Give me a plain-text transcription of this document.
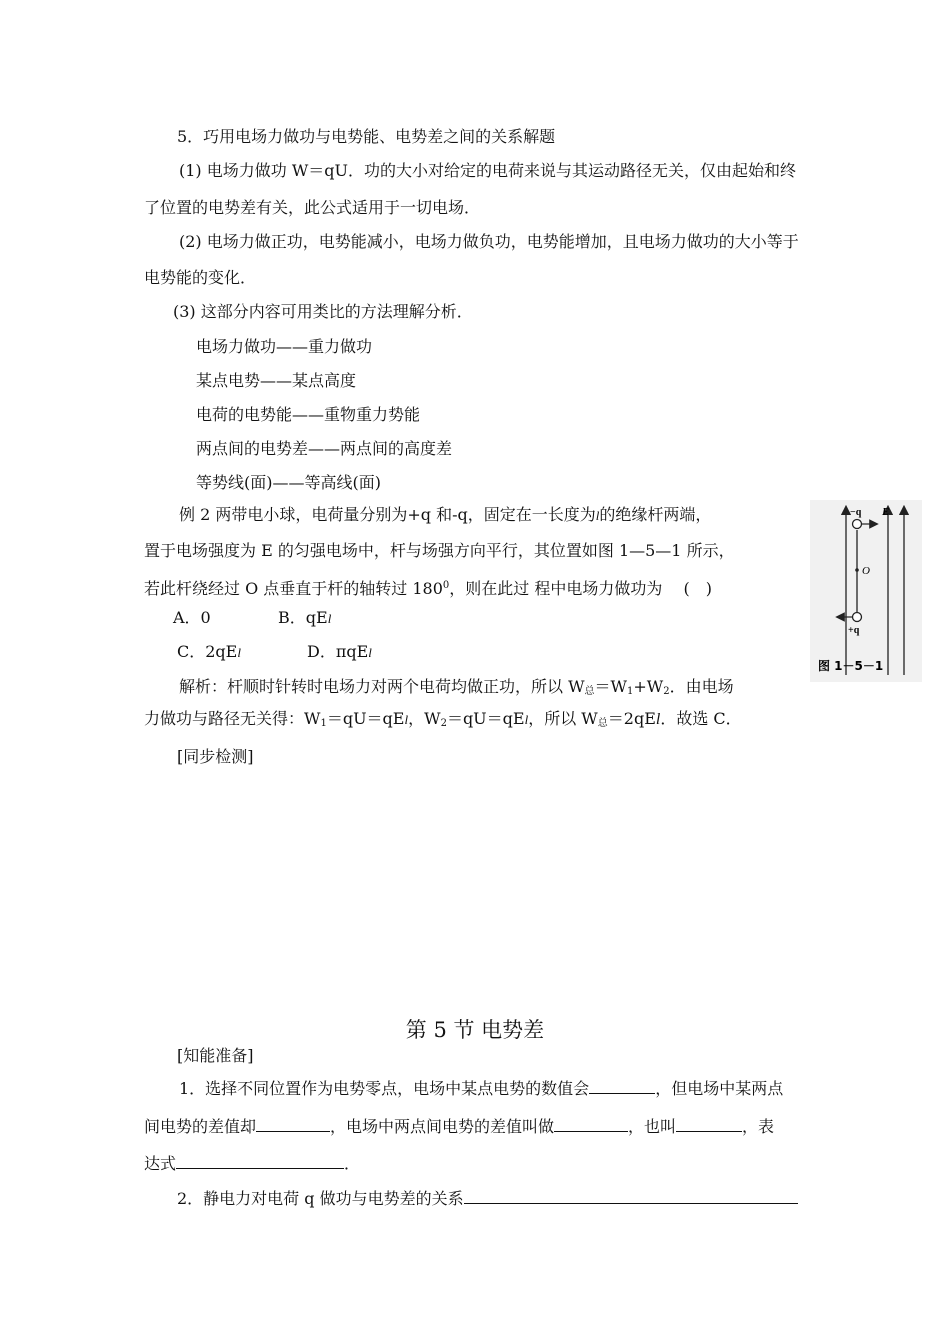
5．巧用电场力做功与电势能、电势差之间的关系解题
(1) 电场力做功 W＝qU．功的大小对给定的电荷来说与其运动路径无关，仅由起始和终
了位置的电势差有关，此公式适用于一切电场．
(2) 电场力做正功，电势能减小，电场力做负功，电势能增加，且电场力做功的大小等于
电势能的变化．
(3) 这部分内容可用类比的方法理解分析．
电场力做功——重力做功
某点电势——某点高度
电荷的电势能——重物重力势能
两点间的电势差——两点间的高度差
等势线(面)——等高线(面)
例 2 两带电小球，电荷量分别为+q 和-q，固定在一长度为l的绝缘杆两端，
置于电场强度为 E 的匀强电场中，杆与场强方向平行，其位置如图 1—5—1 所示，
若此杆绕经过 O 点垂直于杆的轴转过 $180^0$，则在此过 程中电场力做功为　 (　)
A．0	B．qEl
C．2qEl	D．πqEl
解析：杆顺时针转时电场力对两个电荷均做正功，所以 $W_总=W_1+W_2$．由电场
力做功与路径无关得：$W_1=qU=qEl$，$W_2=qU=qEl$，所以 $W_总=2qEl$．故选 C．
[同步检测]
−q E
O
+q
图 1－5－1
第 5 节 电势差
[知能准备]
1．选择不同位置作为电势零点，电场中某点电势的数值会	，但电场中某两点
间电势的差值却	，电场中两点间电势的差值叫做	，也叫	，表
达式	．
2．静电力对电荷 q 做功与电势差的关系
